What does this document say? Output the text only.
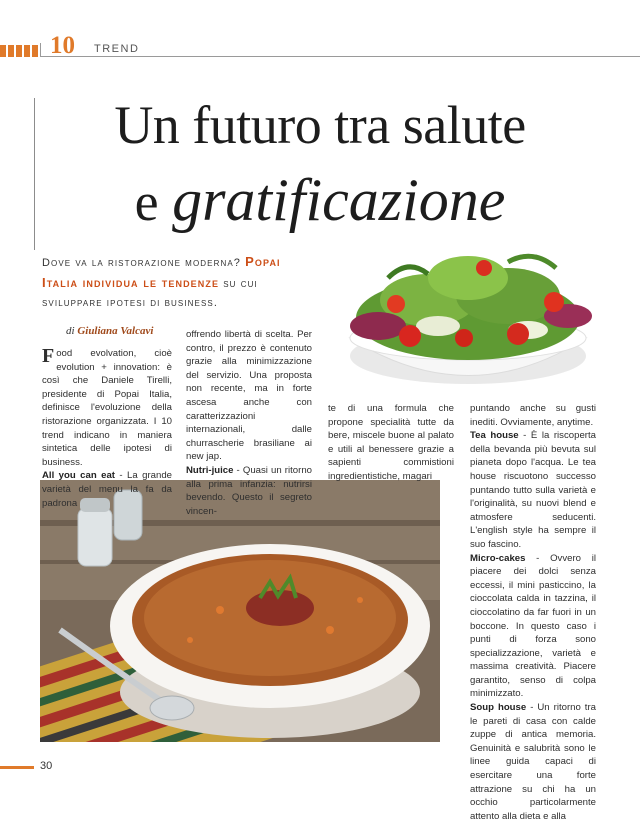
10 TREND
Un futuro tra salute
e gratificazione
Dove va la ristorazione moderna? Popai Italia individua le tendenze su cui sviluppare ipotesi di business.
di Giuliana Valcavi

Food evolvation, cioè evolution + innovation: è così che Daniele Tirelli, presidente di Popai Italia, definisce l'evoluzione della ristorazione organizzata. I 10 trend indicano in maniera sintetica delle ipotesi di business.

All you can eat - La grande varietà del menu la fa da padrona

offrendo libertà di scelta. Per contro, il prezzo è contenuto grazie alla minimizzazione del servizio. Una proposta non recente, ma in forte ascesa anche con caratterizzazioni internazionali, dalle churrascherie brasiliane ai new jap.

Nutri-juice - Quasi un ritorno alla prima infanzia: nutrirsi bevendo. Questo il segreto vincen-

te di una formula che propone specialità tutte da bere, miscele buone al palato e utili al benessere grazie a sapienti commistioni ingredientistiche, magari

puntando anche su gusti inediti. Ovviamente, anytime.

Tea house - È la riscoperta della bevanda più bevuta sul pianeta dopo l'acqua. Le tea house riscuotono successo puntando tutto sulla varietà e l'originalità, su nuovi blend e atmosfere seducenti. L'english style ha sempre il suo fascino.

Micro-cakes - Ovvero il piacere dei dolci senza eccessi, il mini pasticcino, la cioccolata calda in tazzina, il cioccolatino da far fuori in un boccone. In questo caso i punti di forza sono specializzazione, varietà e massima creatività. Piacere garantito, senso di colpa minimizzato.

Soup house - Un ritorno tra le pareti di casa con calde zuppe di antica memoria. Genuinità e salubrità sono le linee guida capaci di esercitare una forte attrazione su chi ha un occhio particolarmente attento alla dieta e alla

30
